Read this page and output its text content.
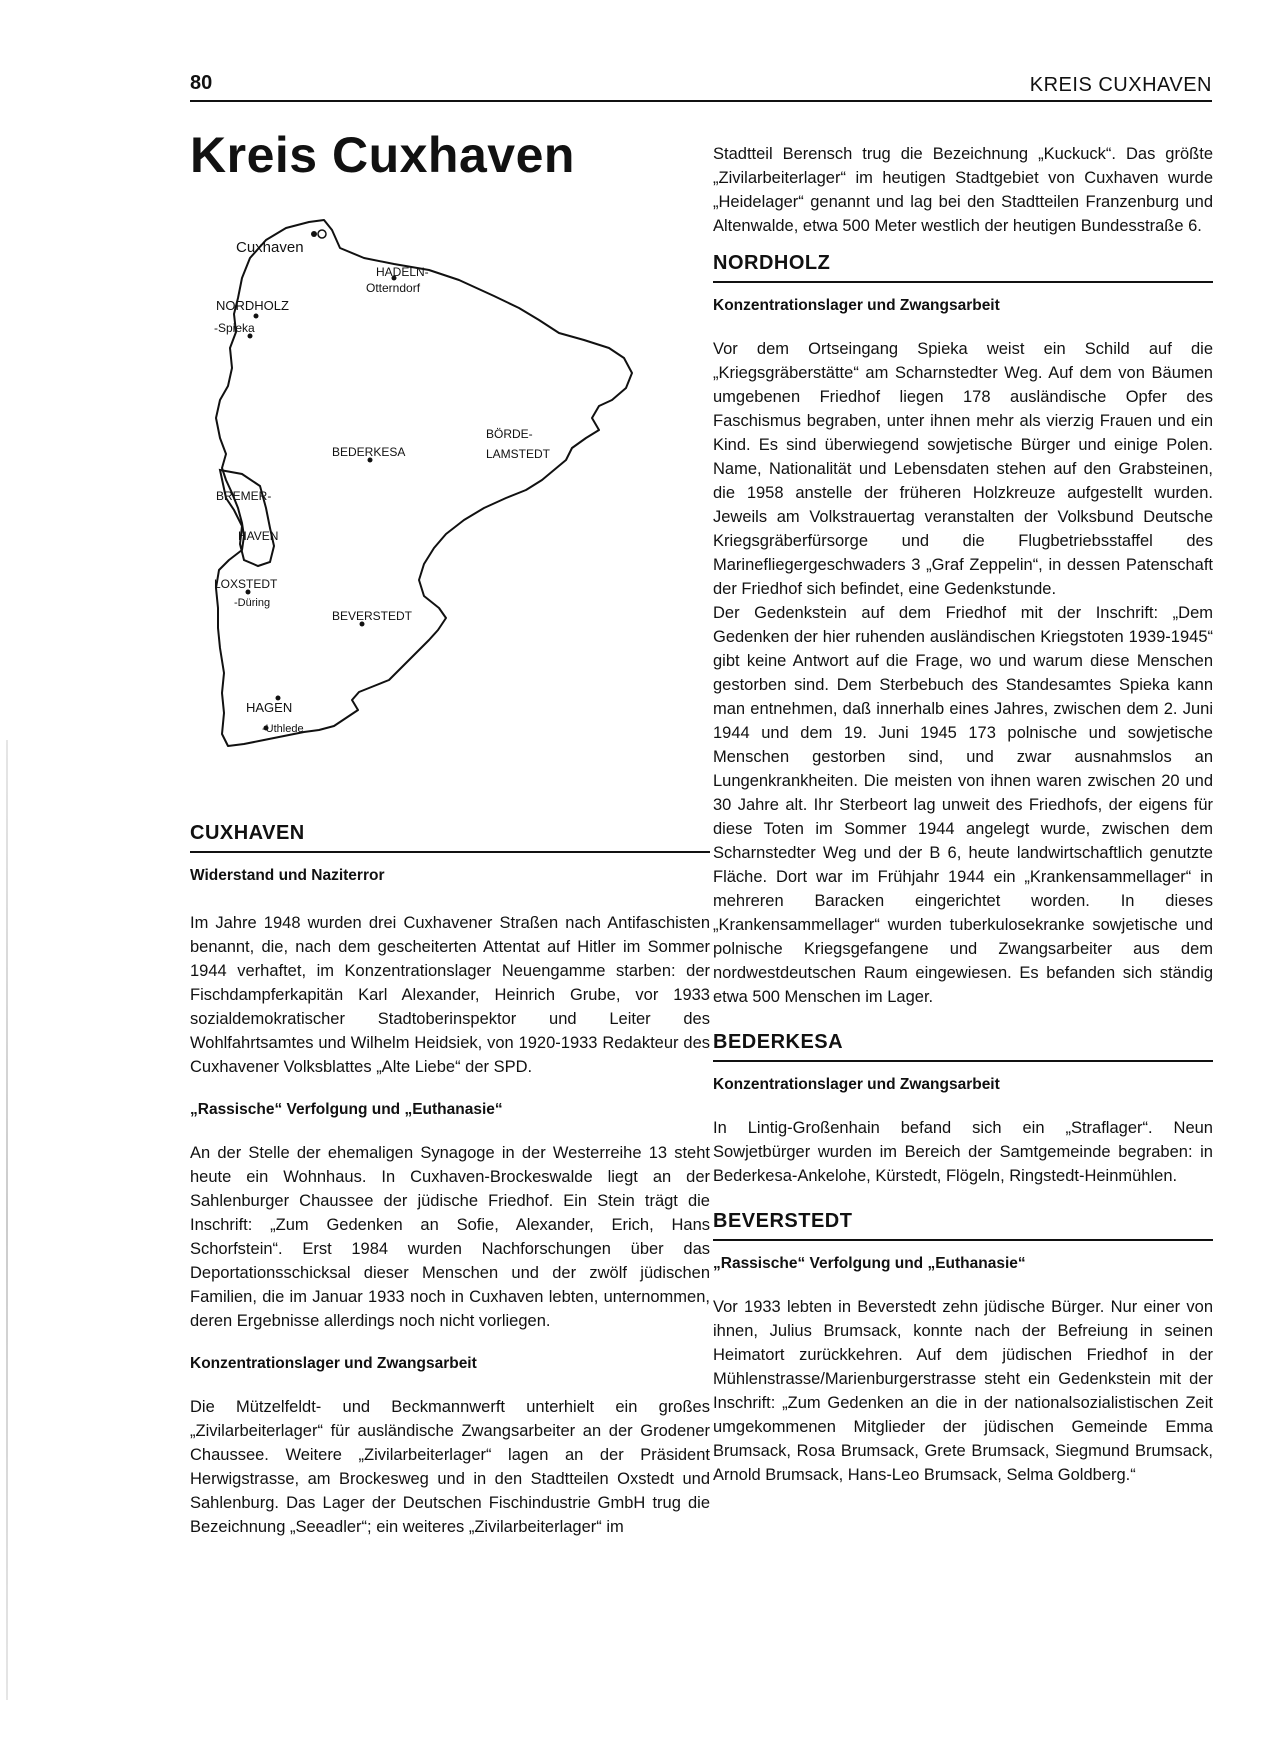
80	KREIS CUXHAVEN
Kreis Cuxhaven
Cuxhaven
HADELN-
Otterndorf
NORDHOLZ
-Spieka
BEDERKESA
BÖRDE-
LAMSTEDT
BREMER-
HAVEN
LOXSTEDT
-Düring
BEVERSTEDT
HAGEN
-Uthlede
CUXHAVEN
Widerstand und Naziterror

Im Jahre 1948 wurden drei Cuxhavener Straßen nach Antifaschisten benannt, die, nach dem gescheiterten Attentat auf Hitler im Sommer 1944 verhaftet, im Konzentrationslager Neuengamme starben: der Fischdampferkapitän Karl Alexander, Heinrich Grube, vor 1933 sozialdemokratischer Stadtoberinspektor und Leiter des Wohlfahrtsamtes und Wilhelm Heidsiek, von 1920-1933 Redakteur des Cuxhavener Volksblattes „Alte Liebe“ der SPD.

„Rassische“ Verfolgung und „Euthanasie“

An der Stelle der ehemaligen Synagoge in der Westerreihe 13 steht heute ein Wohnhaus. In Cuxhaven-Brockeswalde liegt an der Sahlenburger Chaussee der jüdische Friedhof. Ein Stein trägt die Inschrift: „Zum Gedenken an Sofie, Alexander, Erich, Hans Schorfstein“. Erst 1984 wurden Nachforschungen über das Deportationsschicksal dieser Menschen und der zwölf jüdischen Familien, die im Januar 1933 noch in Cuxhaven lebten, unternommen, deren Ergebnisse allerdings noch nicht vorliegen.

Konzentrationslager und Zwangsarbeit

Die Mützelfeldt- und Beckmannwerft unterhielt ein großes „Zivilarbeiterlager“ für ausländische Zwangsarbeiter an der Grodener Chaussee. Weitere „Zivilarbeiterlager“ lagen an der Präsident Herwigstrasse, am Brockesweg und in den Stadtteilen Oxstedt und Sahlenburg. Das Lager der Deutschen Fischindustrie GmbH trug die Bezeichnung „Seeadler“; ein weiteres „Zivilarbeiterlager“ im

Stadtteil Berensch trug die Bezeichnung „Kuckuck“. Das größte „Zivilarbeiterlager“ im heutigen Stadtgebiet von Cuxhaven wurde „Heidelager“ genannt und lag bei den Stadtteilen Franzenburg und Altenwalde, etwa 500 Meter westlich der heutigen Bundesstraße 6.

NORDHOLZ
Konzentrationslager und Zwangsarbeit

Vor dem Ortseingang Spieka weist ein Schild auf die „Kriegsgräberstätte“ am Scharnstedter Weg. Auf dem von Bäumen umgebenen Friedhof liegen 178 ausländische Opfer des Faschismus begraben, unter ihnen mehr als vierzig Frauen und ein Kind. Es sind überwiegend sowjetische Bürger und einige Polen. Name, Nationalität und Lebensdaten stehen auf den Grabsteinen, die 1958 anstelle der früheren Holzkreuze aufgestellt wurden. Jeweils am Volkstrauertag veranstalten der Volksbund Deutsche Kriegsgräberfürsorge und die Flugbetriebsstaffel des Marinefliegergeschwaders 3 „Graf Zeppelin“, in dessen Patenschaft der Friedhof sich befindet, eine Gedenkstunde.

Der Gedenkstein auf dem Friedhof mit der Inschrift: „Dem Gedenken der hier ruhenden ausländischen Kriegstoten 1939-1945“ gibt keine Antwort auf die Frage, wo und warum diese Menschen gestorben sind. Dem Sterbebuch des Standesamtes Spieka kann man entnehmen, daß innerhalb eines Jahres, zwischen dem 2. Juni 1944 und dem 19. Juni 1945 173 polnische und sowjetische Menschen gestorben sind, und zwar ausnahmslos an Lungenkrankheiten. Die meisten von ihnen waren zwischen 20 und 30 Jahre alt. Ihr Sterbeort lag unweit des Friedhofs, der eigens für diese Toten im Sommer 1944 angelegt wurde, zwischen dem Scharnstedter Weg und der B 6, heute landwirtschaftlich genutzte Fläche. Dort war im Frühjahr 1944 ein „Krankensammellager“ in mehreren Baracken eingerichtet worden. In dieses „Krankensammellager“ wurden tuberkulosekranke sowjetische und polnische Kriegsgefangene und Zwangsarbeiter aus dem nordwestdeutschen Raum eingewiesen. Es befanden sich ständig etwa 500 Menschen im Lager.

BEDERKESA
Konzentrationslager und Zwangsarbeit

In Lintig-Großenhain befand sich ein „Straflager“. Neun Sowjetbürger wurden im Bereich der Samtgemeinde begraben: in Bederkesa-Ankelohe, Kürstedt, Flögeln, Ringstedt-Heinmühlen.

BEVERSTEDT
„Rassische“ Verfolgung und „Euthanasie“

Vor 1933 lebten in Beverstedt zehn jüdische Bürger. Nur einer von ihnen, Julius Brumsack, konnte nach der Befreiung in seinen Heimatort zurückkehren. Auf dem jüdischen Friedhof in der Mühlenstrasse/Marienburgerstrasse steht ein Gedenkstein mit der Inschrift: „Zum Gedenken an die in der nationalsozialistischen Zeit umgekommenen Mitglieder der jüdischen Gemeinde Emma Brumsack, Rosa Brumsack, Grete Brumsack, Siegmund Brumsack, Arnold Brumsack, Hans-Leo Brumsack, Selma Goldberg.“
